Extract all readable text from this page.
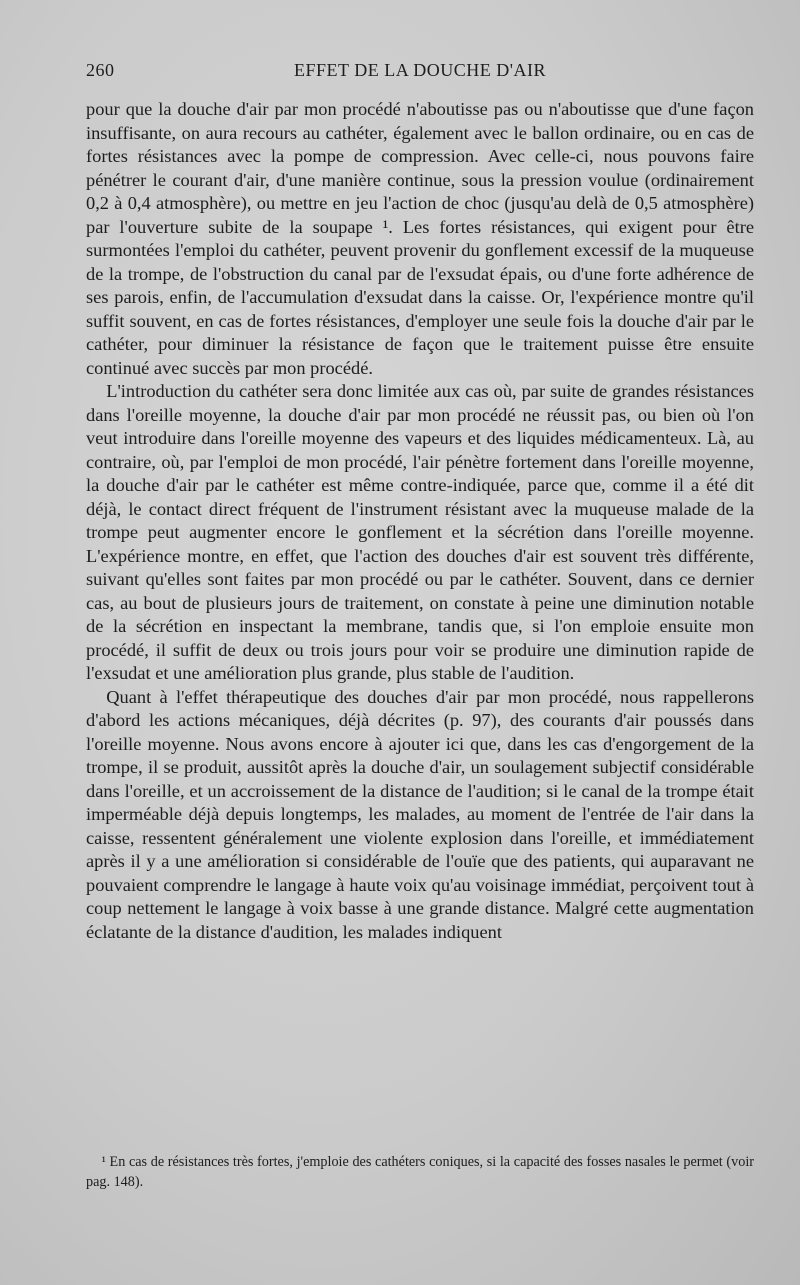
260	EFFET DE LA DOUCHE D'AIR

pour que la douche d'air par mon procédé n'aboutisse pas ou n'aboutisse que d'une façon insuffisante, on aura recours au cathéter, également avec le ballon ordinaire, ou en cas de fortes résistances avec la pompe de compression. Avec celle-ci, nous pouvons faire pénétrer le courant d'air, d'une manière continue, sous la pression voulue (ordinairement 0,2 à 0,4 atmosphère), ou mettre en jeu l'action de choc (jusqu'au delà de 0,5 atmosphère) par l'ouverture subite de la soupape ¹. Les fortes résistances, qui exigent pour être surmontées l'emploi du cathéter, peuvent provenir du gonflement excessif de la muqueuse de la trompe, de l'obstruction du canal par de l'exsudat épais, ou d'une forte adhérence de ses parois, enfin, de l'accumulation d'exsudat dans la caisse. Or, l'expérience montre qu'il suffit souvent, en cas de fortes résistances, d'employer une seule fois la douche d'air par le cathéter, pour diminuer la résistance de façon que le traitement puisse être ensuite continué avec succès par mon procédé.

L'introduction du cathéter sera donc limitée aux cas où, par suite de grandes résistances dans l'oreille moyenne, la douche d'air par mon procédé ne réussit pas, ou bien où l'on veut introduire dans l'oreille moyenne des vapeurs et des liquides médicamenteux. Là, au contraire, où, par l'emploi de mon procédé, l'air pénètre fortement dans l'oreille moyenne, la douche d'air par le cathéter est même contre-indiquée, parce que, comme il a été dit déjà, le contact direct fréquent de l'instrument résistant avec la muqueuse malade de la trompe peut augmenter encore le gonflement et la sécrétion dans l'oreille moyenne. L'expérience montre, en effet, que l'action des douches d'air est souvent très différente, suivant qu'elles sont faites par mon procédé ou par le cathéter. Souvent, dans ce dernier cas, au bout de plusieurs jours de traitement, on constate à peine une diminution notable de la sécrétion en inspectant la membrane, tandis que, si l'on emploie ensuite mon procédé, il suffit de deux ou trois jours pour voir se produire une diminution rapide de l'exsudat et une amélioration plus grande, plus stable de l'audition.

Quant à l'effet thérapeutique des douches d'air par mon procédé, nous rappellerons d'abord les actions mécaniques, déjà décrites (p. 97), des courants d'air poussés dans l'oreille moyenne. Nous avons encore à ajouter ici que, dans les cas d'engorgement de la trompe, il se produit, aussitôt après la douche d'air, un soulagement subjectif considérable dans l'oreille, et un accroissement de la distance de l'audition; si le canal de la trompe était imperméable déjà depuis longtemps, les malades, au moment de l'entrée de l'air dans la caisse, ressentent généralement une violente explosion dans l'oreille, et immédiatement après il y a une amélioration si considérable de l'ouïe que des patients, qui auparavant ne pouvaient comprendre le langage à haute voix qu'au voisinage immédiat, perçoivent tout à coup nettement le langage à voix basse à une grande distance. Malgré cette augmentation éclatante de la distance d'audition, les malades indiquent

¹ En cas de résistances très fortes, j'emploie des cathéters coniques, si la capacité des fosses nasales le permet (voir pag. 148).
